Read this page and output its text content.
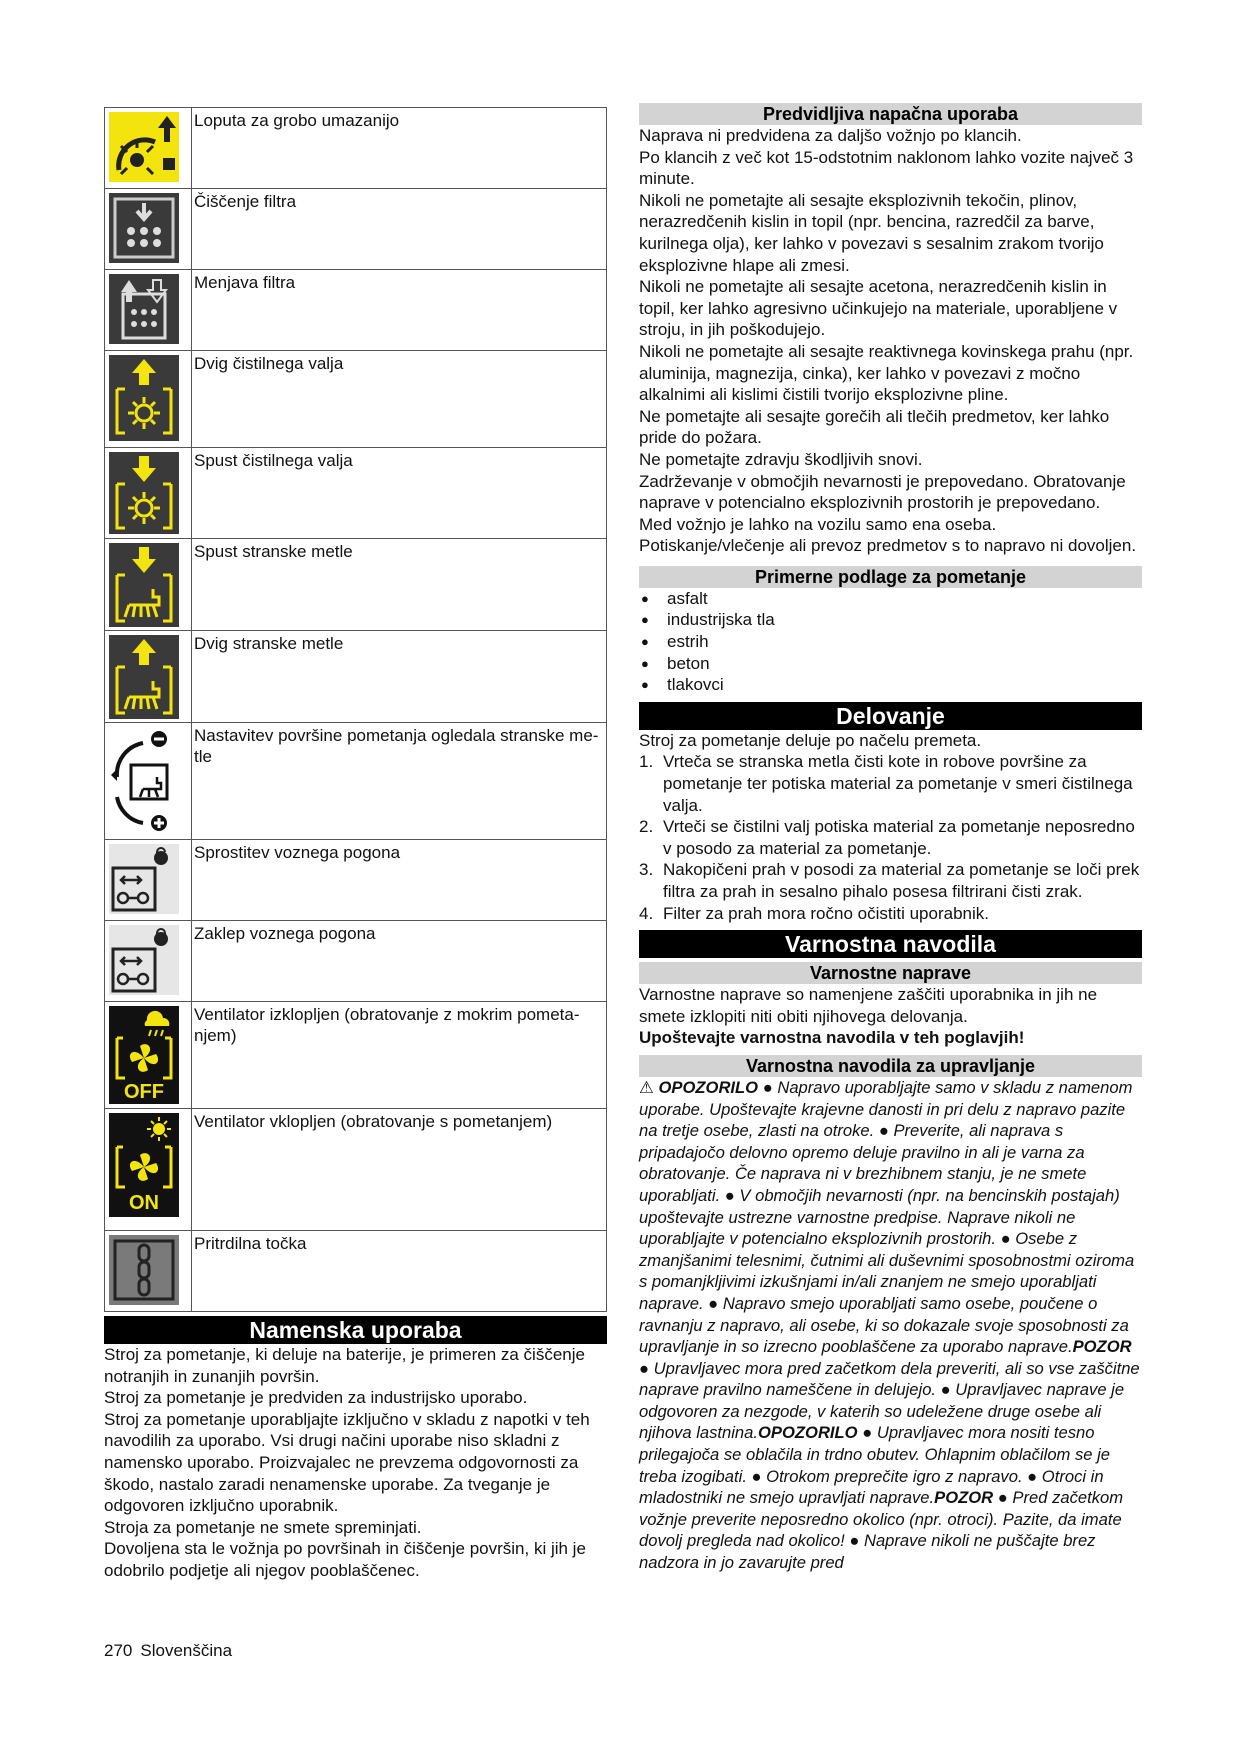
	Loputa za grobo umazanijo

	Čiščenje filtra

	Menjava filtra

	Dvig čistilnega valja

	Spust čistilnega valja

	Spust stranske metle

	Dvig stranske metle

	Nastavitev površine pometanja ogledala stranske me-tle

	Sprostitev voznega pogona

	Zaklep voznega pogona

OFF	Ventilator izklopljen (obratovanje z mokrim pometa-njem)

ON	Ventilator vklopljen (obratovanje s pometanjem)

	Pritrdilna točka
Namenska uporaba

Stroj za pometanje, ki deluje na baterije, je primeren za čiščenje notranjih in zunanjih površin.

Stroj za pometanje je predviden za industrijsko uporabo.

Stroj za pometanje uporabljajte izključno v skladu z napotki v teh navodilih za uporabo. Vsi drugi načini uporabe niso skladni z namensko uporabo. Proizvajalec ne prevzema odgovornosti za škodo, nastalo zaradi nenamenske uporabe. Za tveganje je odgovoren izključno uporabnik.

Stroja za pometanje ne smete spreminjati.

Dovoljena sta le vožnja po površinah in čiščenje površin, ki jih je odobrilo podjetje ali njegov pooblaščenec.

Predvidljiva napačna uporaba

Naprava ni predvidena za daljšo vožnjo po klancih.

Po klancih z več kot 15-odstotnim naklonom lahko vozite največ 3 minute.

Nikoli ne pometajte ali sesajte eksplozivnih tekočin, plinov, nerazredčenih kislin in topil (npr. bencina, razredčil za barve, kurilnega olja), ker lahko v povezavi s sesalnim zrakom tvorijo eksplozivne hlape ali zmesi.

Nikoli ne pometajte ali sesajte acetona, nerazredčenih kislin in topil, ker lahko agresivno učinkujejo na materiale, uporabljene v stroju, in jih poškodujejo.

Nikoli ne pometajte ali sesajte reaktivnega kovinskega prahu (npr. aluminija, magnezija, cinka), ker lahko v povezavi z močno alkalnimi ali kislimi čistili tvorijo eksplozivne pline.

Ne pometajte ali sesajte gorečih ali tlečih predmetov, ker lahko pride do požara.

Ne pometajte zdravju škodljivih snovi.

Zadrževanje v območjih nevarnosti je prepovedano. Obratovanje naprave v potencialno eksplozivnih prostorih je prepovedano.

Med vožnjo je lahko na vozilu samo ena oseba.

Potiskanje/vlečenje ali prevoz predmetov s to napravo ni dovoljen.

Primerne podlage za pometanje
● asfalt
● industrijska tla
● estrih
● beton
● tlakovci
Delovanje

Stroj za pometanje deluje po načelu premeta.

1. Vrteča se stranska metla čisti kote in robove površine za pometanje ter potiska material za pometanje v smeri čistilnega valja.
2. Vrteči se čistilni valj potiska material za pometanje neposredno v posodo za material za pometanje.
3. Nakopičeni prah v posodi za material za pometanje se loči prek filtra za prah in sesalno pihalo posesa filtrirani čisti zrak.
4. Filter za prah mora ročno očistiti uporabnik.
Varnostna navodila
Varnostne naprave

Varnostne naprave so namenjene zaščiti uporabnika in jih ne smete izklopiti niti obiti njihovega delovanja.

Upoštevajte varnostna navodila v teh poglavjih!

Varnostna navodila za upravljanje

⚠ OPOZORILO ● Napravo uporabljajte samo v skladu z namenom uporabe. Upoštevajte krajevne danosti in pri delu z napravo pazite na tretje osebe, zlasti na otroke. ● Preverite, ali naprava s pripadajočo delovno opremo deluje pravilno in ali je varna za obratovanje. Če naprava ni v brezhibnem stanju, je ne smete uporabljati. ● V območjih nevarnosti (npr. na bencinskih postajah) upoštevajte ustrezne varnostne predpise. Naprave nikoli ne uporabljajte v potencialno eksplozivnih prostorih. ● Osebe z zmanjšanimi telesnimi, čutnimi ali duševnimi sposobnostmi oziroma s pomanjkljivimi izkušnjami in/ali znanjem ne smejo uporabljati naprave. ● Napravo smejo uporabljati samo osebe, poučene o ravnanju z napravo, ali osebe, ki so dokazale svoje sposobnosti za upravljanje in so izrecno pooblaščene za uporabo naprave.POZOR ● Upravljavec mora pred začetkom dela preveriti, ali so vse zaščitne naprave pravilno nameščene in delujejo. ● Upravljavec naprave je odgovoren za nezgode, v katerih so udeležene druge osebe ali njihova lastnina.OPOZORILO ● Upravljavec mora nositi tesno prilegajoča se oblačila in trdno obutev. Ohlapnim oblačilom se je treba izogibati. ● Otrokom preprečite igro z napravo. ● Otroci in mladostniki ne smejo upravljati naprave.POZOR ● Pred začetkom vožnje preverite neposredno okolico (npr. otroci). Pazite, da imate dovolj pregleda nad okolico! ● Naprave nikoli ne puščajte brez nadzora in jo zavarujte pred

270 Slovenščina
